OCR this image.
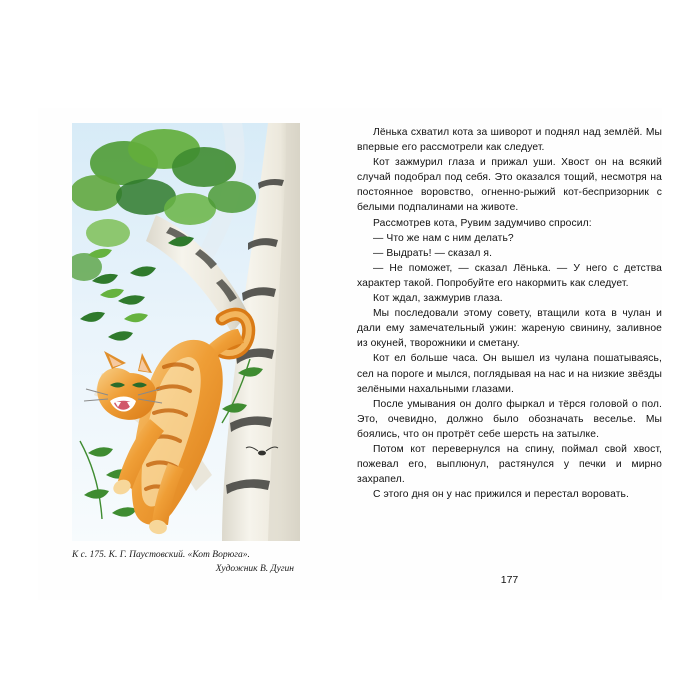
К с. 175. К. Г. Паустовский. «Кот Ворюга».
Художник В. Дугин

Лёнька схватил кота за шиворот и поднял над землёй. Мы впервые его рассмотрели как следует.

Кот зажмурил глаза и прижал уши. Хвост он на всякий случай подобрал под себя. Это оказался тощий, несмотря на постоянное воровство, огненно-рыжий кот-беспризорник с белыми подпалинами на животе.

Рассмотрев кота, Рувим задумчиво спросил:

— Что же нам с ним делать?

— Выдрать! — сказал я.

— Не поможет, — сказал Лёнька. — У него с детства характер такой. Попробуйте его накормить как следует.

Кот ждал, зажмурив глаза.

Мы последовали этому совету, втащили кота в чулан и дали ему замечательный ужин: жареную свинину, заливное из окуней, творожники и сметану.

Кот ел больше часа. Он вышел из чулана пошатываясь, сел на пороге и мылся, поглядывая на нас и на низкие звёзды зелёными нахальными глазами.

После умывания он долго фыркал и тёрся головой о пол. Это, очевидно, должно было обозначать веселье. Мы боялись, что он протрёт себе шерсть на затылке.

Потом кот перевернулся на спину, поймал свой хвост, пожевал его, выплюнул, растянулся у печки и мирно захрапел.

С этого дня он у нас прижился и перестал воровать.

177
